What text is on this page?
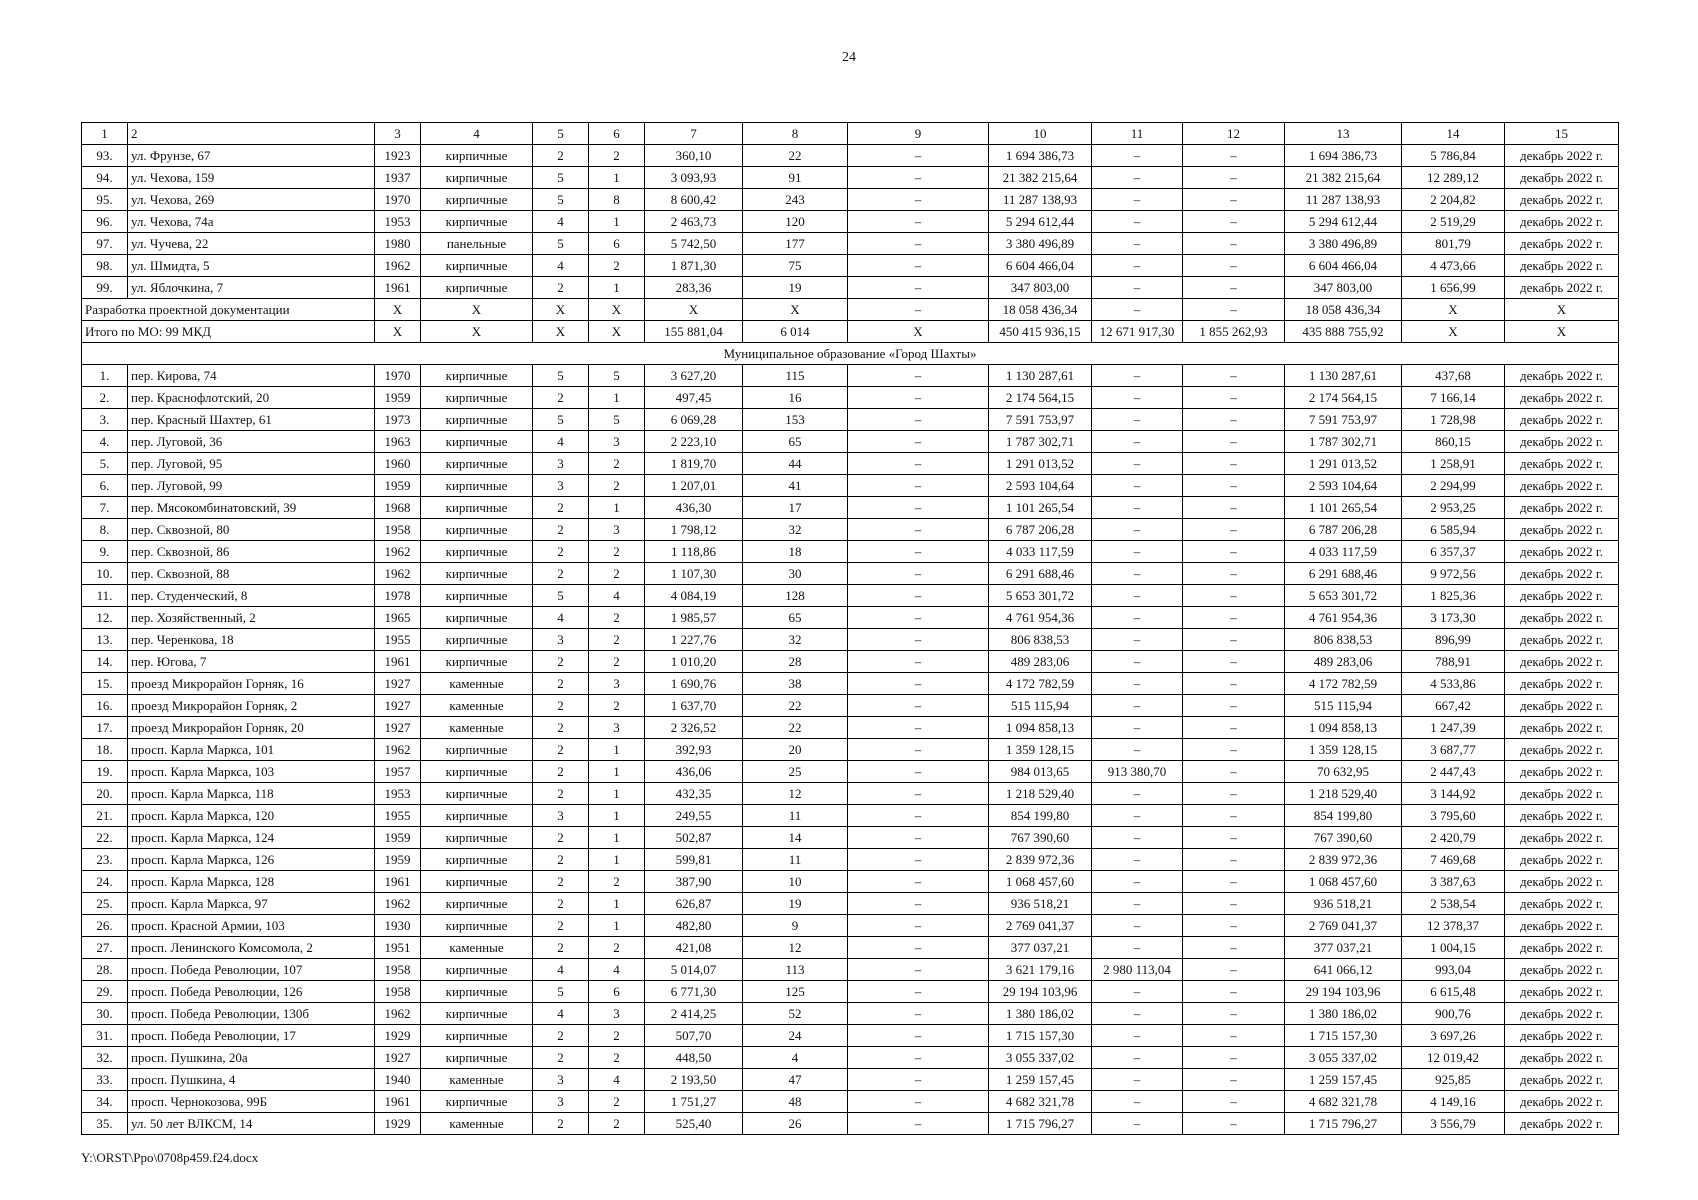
24
1	2	3	4	5	6	7	8	9	10	11	12	13	14	15
93.	ул. Фрунзе, 67	1923	кирпичные	2	2	360,10	22	–	1 694 386,73	–	–	1 694 386,73	5 786,84	декабрь 2022 г.
94.	ул. Чехова, 159	1937	кирпичные	5	1	3 093,93	91	–	21 382 215,64	–	–	21 382 215,64	12 289,12	декабрь 2022 г.
95.	ул. Чехова, 269	1970	кирпичные	5	8	8 600,42	243	–	11 287 138,93	–	–	11 287 138,93	2 204,82	декабрь 2022 г.
96.	ул. Чехова, 74а	1953	кирпичные	4	1	2 463,73	120	–	5 294 612,44	–	–	5 294 612,44	2 519,29	декабрь 2022 г.
97.	ул. Чучева, 22	1980	панельные	5	6	5 742,50	177	–	3 380 496,89	–	–	3 380 496,89	801,79	декабрь 2022 г.
98.	ул. Шмидта, 5	1962	кирпичные	4	2	1 871,30	75	–	6 604 466,04	–	–	6 604 466,04	4 473,66	декабрь 2022 г.
99.	ул. Яблочкина, 7	1961	кирпичные	2	1	283,36	19	–	347 803,00	–	–	347 803,00	1 656,99	декабрь 2022 г.
Разработка проектной документации		X	X	X	X	X	X	–	18 058 436,34	–	–	18 058 436,34	X	X
Итого по МО: 99 МКД		X	X	X	X	155 881,04	6 014	X	450 415 936,15	12 671 917,30	1 855 262,93	435 888 755,92	X	X
Муниципальное образование «Город Шахты»														
1.	пер. Кирова, 74	1970	кирпичные	5	5	3 627,20	115	–	1 130 287,61	–	–	1 130 287,61	437,68	декабрь 2022 г.
2.	пер. Краснофлотский, 20	1959	кирпичные	2	1	497,45	16	–	2 174 564,15	–	–	2 174 564,15	7 166,14	декабрь 2022 г.
3.	пер. Красный Шахтер, 61	1973	кирпичные	5	5	6 069,28	153	–	7 591 753,97	–	–	7 591 753,97	1 728,98	декабрь 2022 г.
4.	пер. Луговой, 36	1963	кирпичные	4	3	2 223,10	65	–	1 787 302,71	–	–	1 787 302,71	860,15	декабрь 2022 г.
5.	пер. Луговой, 95	1960	кирпичные	3	2	1 819,70	44	–	1 291 013,52	–	–	1 291 013,52	1 258,91	декабрь 2022 г.
6.	пер. Луговой, 99	1959	кирпичные	3	2	1 207,01	41	–	2 593 104,64	–	–	2 593 104,64	2 294,99	декабрь 2022 г.
7.	пер. Мясокомбинатовский, 39	1968	кирпичные	2	1	436,30	17	–	1 101 265,54	–	–	1 101 265,54	2 953,25	декабрь 2022 г.
8.	пер. Сквозной, 80	1958	кирпичные	2	3	1 798,12	32	–	6 787 206,28	–	–	6 787 206,28	6 585,94	декабрь 2022 г.
9.	пер. Сквозной, 86	1962	кирпичные	2	2	1 118,86	18	–	4 033 117,59	–	–	4 033 117,59	6 357,37	декабрь 2022 г.
10.	пер. Сквозной, 88	1962	кирпичные	2	2	1 107,30	30	–	6 291 688,46	–	–	6 291 688,46	9 972,56	декабрь 2022 г.
11.	пер. Студенческий, 8	1978	кирпичные	5	4	4 084,19	128	–	5 653 301,72	–	–	5 653 301,72	1 825,36	декабрь 2022 г.
12.	пер. Хозяйственный, 2	1965	кирпичные	4	2	1 985,57	65	–	4 761 954,36	–	–	4 761 954,36	3 173,30	декабрь 2022 г.
13.	пер. Черенкова, 18	1955	кирпичные	3	2	1 227,76	32	–	806 838,53	–	–	806 838,53	896,99	декабрь 2022 г.
14.	пер. Югова, 7	1961	кирпичные	2	2	1 010,20	28	–	489 283,06	–	–	489 283,06	788,91	декабрь 2022 г.
15.	проезд Микрорайон Горняк, 16	1927	каменные	2	3	1 690,76	38	–	4 172 782,59	–	–	4 172 782,59	4 533,86	декабрь 2022 г.
16.	проезд Микрорайон Горняк, 2	1927	каменные	2	2	1 637,70	22	–	515 115,94	–	–	515 115,94	667,42	декабрь 2022 г.
17.	проезд Микрорайон Горняк, 20	1927	каменные	2	3	2 326,52	22	–	1 094 858,13	–	–	1 094 858,13	1 247,39	декабрь 2022 г.
18.	просп. Карла Маркса, 101	1962	кирпичные	2	1	392,93	20	–	1 359 128,15	–	–	1 359 128,15	3 687,77	декабрь 2022 г.
19.	просп. Карла Маркса, 103	1957	кирпичные	2	1	436,06	25	–	984 013,65	913 380,70	–	70 632,95	2 447,43	декабрь 2022 г.
20.	просп. Карла Маркса, 118	1953	кирпичные	2	1	432,35	12	–	1 218 529,40	–	–	1 218 529,40	3 144,92	декабрь 2022 г.
21.	просп. Карла Маркса, 120	1955	кирпичные	3	1	249,55	11	–	854 199,80	–	–	854 199,80	3 795,60	декабрь 2022 г.
22.	просп. Карла Маркса, 124	1959	кирпичные	2	1	502,87	14	–	767 390,60	–	–	767 390,60	2 420,79	декабрь 2022 г.
23.	просп. Карла Маркса, 126	1959	кирпичные	2	1	599,81	11	–	2 839 972,36	–	–	2 839 972,36	7 469,68	декабрь 2022 г.
24.	просп. Карла Маркса, 128	1961	кирпичные	2	2	387,90	10	–	1 068 457,60	–	–	1 068 457,60	3 387,63	декабрь 2022 г.
25.	просп. Карла Маркса, 97	1962	кирпичные	2	1	626,87	19	–	936 518,21	–	–	936 518,21	2 538,54	декабрь 2022 г.
26.	просп. Красной Армии, 103	1930	кирпичные	2	1	482,80	9	–	2 769 041,37	–	–	2 769 041,37	12 378,37	декабрь 2022 г.
27.	просп. Ленинского Комсомола, 2	1951	каменные	2	2	421,08	12	–	377 037,21	–	–	377 037,21	1 004,15	декабрь 2022 г.
28.	просп. Победа Революции, 107	1958	кирпичные	4	4	5 014,07	113	–	3 621 179,16	2 980 113,04	–	641 066,12	993,04	декабрь 2022 г.
29.	просп. Победа Революции, 126	1958	кирпичные	5	6	6 771,30	125	–	29 194 103,96	–	–	29 194 103,96	6 615,48	декабрь 2022 г.
30.	просп. Победа Революции, 130б	1962	кирпичные	4	3	2 414,25	52	–	1 380 186,02	–	–	1 380 186,02	900,76	декабрь 2022 г.
31.	просп. Победа Революции, 17	1929	кирпичные	2	2	507,70	24	–	1 715 157,30	–	–	1 715 157,30	3 697,26	декабрь 2022 г.
32.	просп. Пушкина, 20а	1927	кирпичные	2	2	448,50	4	–	3 055 337,02	–	–	3 055 337,02	12 019,42	декабрь 2022 г.
33.	просп. Пушкина, 4	1940	каменные	3	4	2 193,50	47	–	1 259 157,45	–	–	1 259 157,45	925,85	декабрь 2022 г.
34.	просп. Чернокозова, 99Б	1961	кирпичные	3	2	1 751,27	48	–	4 682 321,78	–	–	4 682 321,78	4 149,16	декабрь 2022 г.
35.	ул. 50 лет ВЛКСМ, 14	1929	каменные	2	2	525,40	26	–	1 715 796,27	–	–	1 715 796,27	3 556,79	декабрь 2022 г.
Y:\ORST\Ppo\0708p459.f24.docx
